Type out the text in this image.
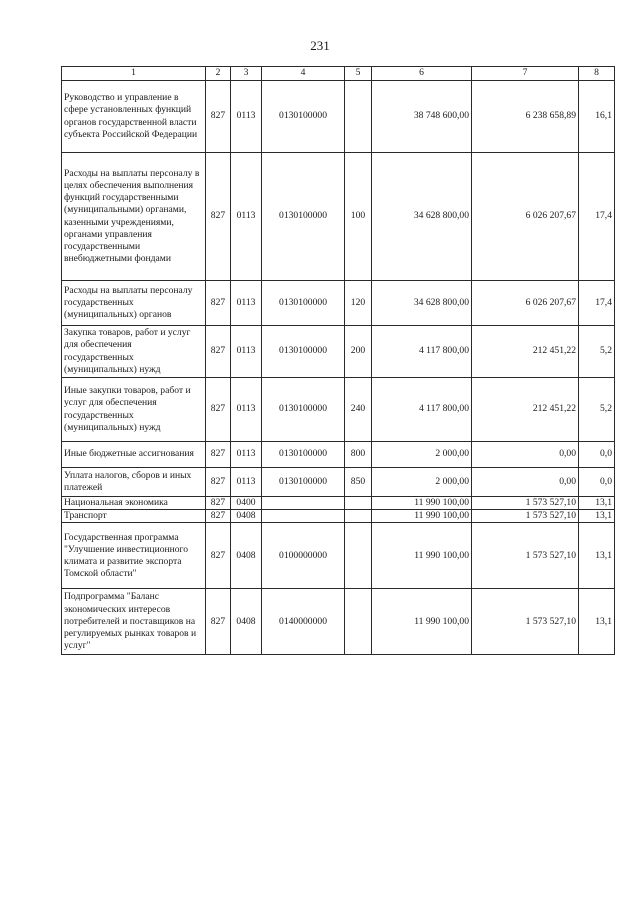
231
1	2	3	4	5	6	7	8
Руководство и управление в сфере установленных функций органов государственной власти субъекта Российской Федерации	827	0113	0130100000		38 748 600,00	6 238 658,89	16,1
Расходы на выплаты персоналу в целях обеспечения выполнения функций государственными (муниципальными) органами, казенными учреждениями, органами управления государственными внебюджетными фондами	827	0113	0130100000	100	34 628 800,00	6 026 207,67	17,4
Расходы на выплаты персоналу государственных (муниципальных) органов	827	0113	0130100000	120	34 628 800,00	6 026 207,67	17,4
Закупка товаров, работ и услуг для обеспечения государственных (муниципальных) нужд	827	0113	0130100000	200	4 117 800,00	212 451,22	5,2
Иные закупки товаров, работ и услуг для обеспечения государственных (муниципальных) нужд	827	0113	0130100000	240	4 117 800,00	212 451,22	5,2
Иные бюджетные ассигнования	827	0113	0130100000	800	2 000,00	0,00	0,0
Уплата налогов, сборов и иных платежей	827	0113	0130100000	850	2 000,00	0,00	0,0
Национальная экономика	827	0400			11 990 100,00	1 573 527,10	13,1
Транспорт	827	0408			11 990 100,00	1 573 527,10	13,1
Государственная программа "Улучшение инвестиционного климата и развитие экспорта Томской области"	827	0408	0100000000		11 990 100,00	1 573 527,10	13,1
Подпрограмма "Баланс экономических интересов потребителей и поставщиков на регулируемых рынках товаров и услуг"	827	0408	0140000000		11 990 100,00	1 573 527,10	13,1
